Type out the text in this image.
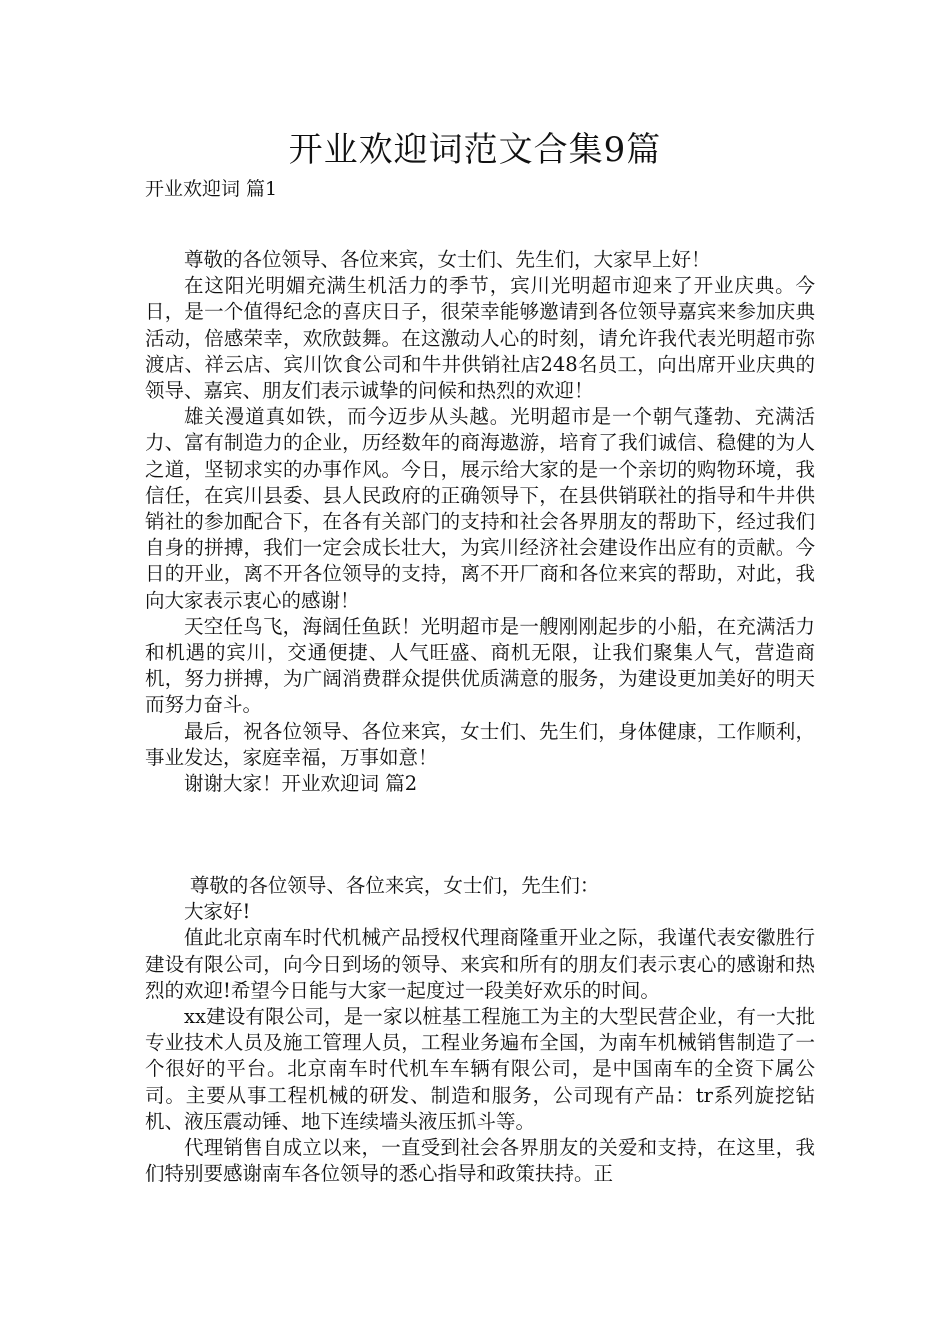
开业欢迎词范文合集9篇
开业欢迎词 篇1

尊敬的各位领导、各位来宾，女士们、先生们，大家早上好！

在这阳光明媚充满生机活力的季节，宾川光明超市迎来了开业庆典。今日，是一个值得纪念的喜庆日子，很荣幸能够邀请到各位领导嘉宾来参加庆典活动，倍感荣幸，欢欣鼓舞。在这激动人心的时刻，请允许我代表光明超市弥渡店、祥云店、宾川饮食公司和牛井供销社店248名员工，向出席开业庆典的领导、嘉宾、朋友们表示诚挚的问候和热烈的欢迎！

雄关漫道真如铁，而今迈步从头越。光明超市是一个朝气蓬勃、充满活力、富有制造力的企业，历经数年的商海遨游，培育了我们诚信、稳健的为人之道，坚韧求实的办事作风。今日，展示给大家的是一个亲切的购物环境，我信任，在宾川县委、县人民政府的正确领导下，在县供销联社的指导和牛井供销社的参加配合下，在各有关部门的支持和社会各界朋友的帮助下，经过我们自身的拼搏，我们一定会成长壮大，为宾川经济社会建设作出应有的贡献。今日的开业，离不开各位领导的支持，离不开厂商和各位来宾的帮助，对此，我向大家表示衷心的感谢！

天空任鸟飞，海阔任鱼跃！光明超市是一艘刚刚起步的小船，在充满活力和机遇的宾川，交通便捷、人气旺盛、商机无限，让我们聚集人气，营造商机，努力拼搏，为广阔消费群众提供优质满意的服务，为建设更加美好的明天而努力奋斗。

最后，祝各位领导、各位来宾，女士们、先生们，身体健康，工作顺利，事业发达，家庭幸福，万事如意！

谢谢大家！开业欢迎词 篇2

尊敬的各位领导、各位来宾，女士们，先生们：

大家好!

值此北京南车时代机械产品授权代理商隆重开业之际，我谨代表安徽胜行建设有限公司，向今日到场的领导、来宾和所有的朋友们表示衷心的感谢和热烈的欢迎!希望今日能与大家一起度过一段美好欢乐的时间。

xx建设有限公司，是一家以桩基工程施工为主的大型民营企业，有一大批专业技术人员及施工管理人员，工程业务遍布全国，为南车机械销售制造了一个很好的平台。北京南车时代机车车辆有限公司，是中国南车的全资下属公司。主要从事工程机械的研发、制造和服务，公司现有产品：tr系列旋挖钻机、液压震动锤、地下连续墙头液压抓斗等。

代理销售自成立以来，一直受到社会各界朋友的关爱和支持，在这里，我们特别要感谢南车各位领导的悉心指导和政策扶持。正
